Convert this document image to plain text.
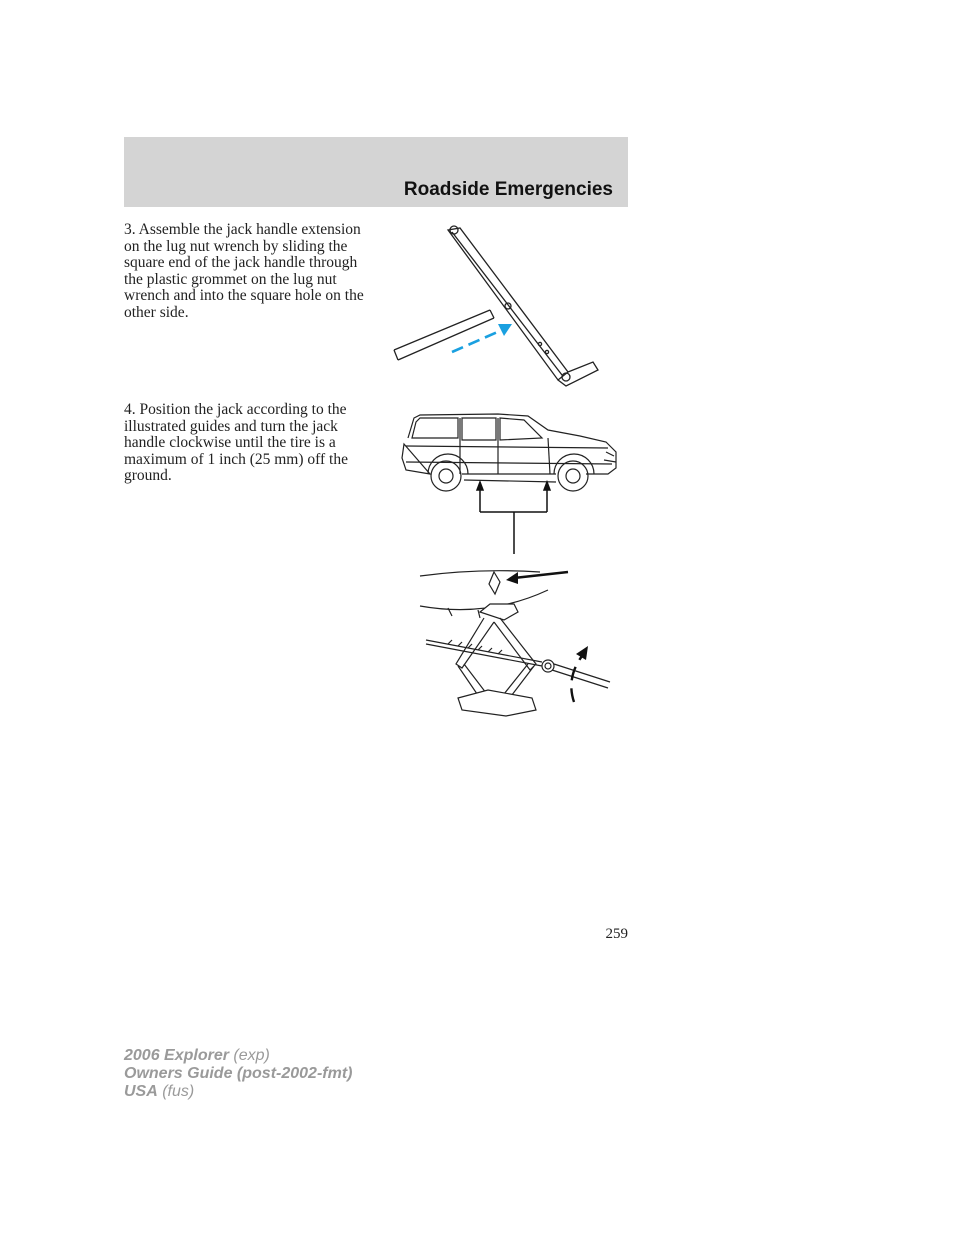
Roadside Emergencies
3. Assemble the jack handle extension on the lug nut wrench by sliding the square end of the jack handle through the plastic grommet on the lug nut wrench and into the square hole on the other side.
4. Position the jack according to the illustrated guides and turn the jack handle clockwise until the tire is a maximum of 1 inch (25 mm) off the ground.
259
2006 Explorer (exp)
Owners Guide (post-2002-fmt)
USA (fus)
